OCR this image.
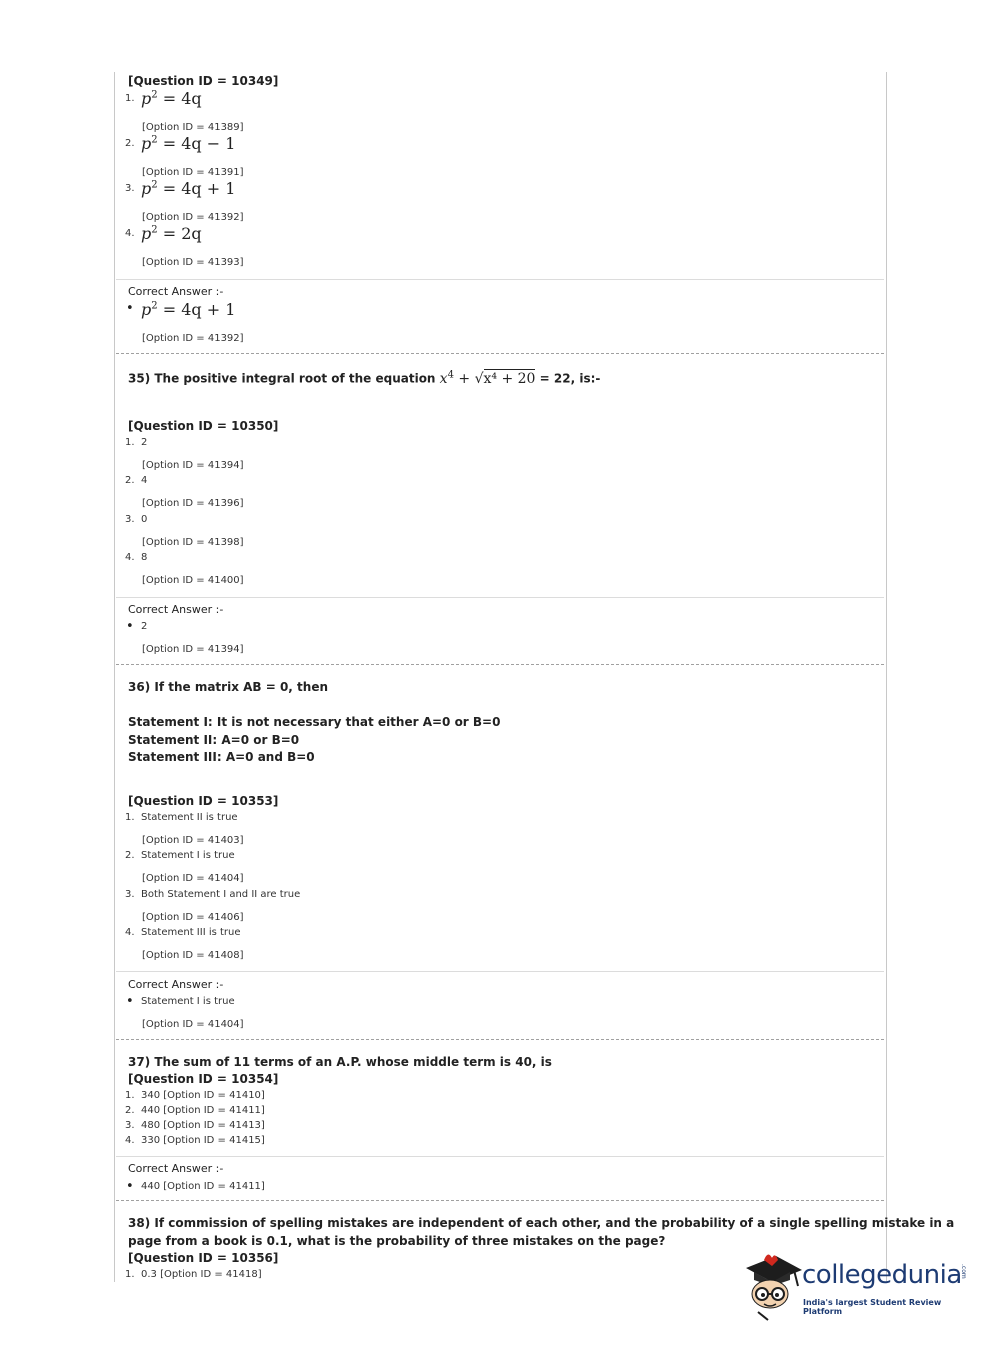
[Question ID = 10349]
1. $p^2 = 4q$
[Option ID = 41389]
2. $p^2 = 4q - 1$
[Option ID = 41391]
3. $p^2 = 4q + 1$
[Option ID = 41392]
4. $p^2 = 2q$
[Option ID = 41393]
Correct Answer :-
• $p^2 = 4q + 1$
[Option ID = 41392]
35) The positive integral root of the equation $x^4 + √x^4 + 20 = 22$, is:-
[Question ID = 10350]
1. 2
[Option ID = 41394]
2. 4
[Option ID = 41396]
3. 0
[Option ID = 41398]
4. 8
[Option ID = 41400]
Correct Answer :-
• 2
[Option ID = 41394]
36) If the matrix AB = 0, then
Statement I: It is not necessary that either A=0 or B=0
Statement II: A=0 or B=0
Statement III: A=0 and B=0
[Question ID = 10353]
1. Statement II is true
[Option ID = 41403]
2. Statement I is true
[Option ID = 41404]
3. Both Statement I and II are true
[Option ID = 41406]
4. Statement III is true
[Option ID = 41408]
Correct Answer :-
• Statement I is true
[Option ID = 41404]
37) The sum of 11 terms of an A.P. whose middle term is 40, is
[Question ID = 10354]
1. 340 [Option ID = 41410]
2. 440 [Option ID = 41411]
3. 480 [Option ID = 41413]
4. 330 [Option ID = 41415]
Correct Answer :-
• 440 [Option ID = 41411]
38) If commission of spelling mistakes are independent of each other, and the probability of a single spelling mistake in a
page from a book is 0.1, what is the probability of three mistakes on the page?
[Question ID = 10356]
1. 0.3 [Option ID = 41418]	collegedunia
.com
India's largest Student Review Platform
